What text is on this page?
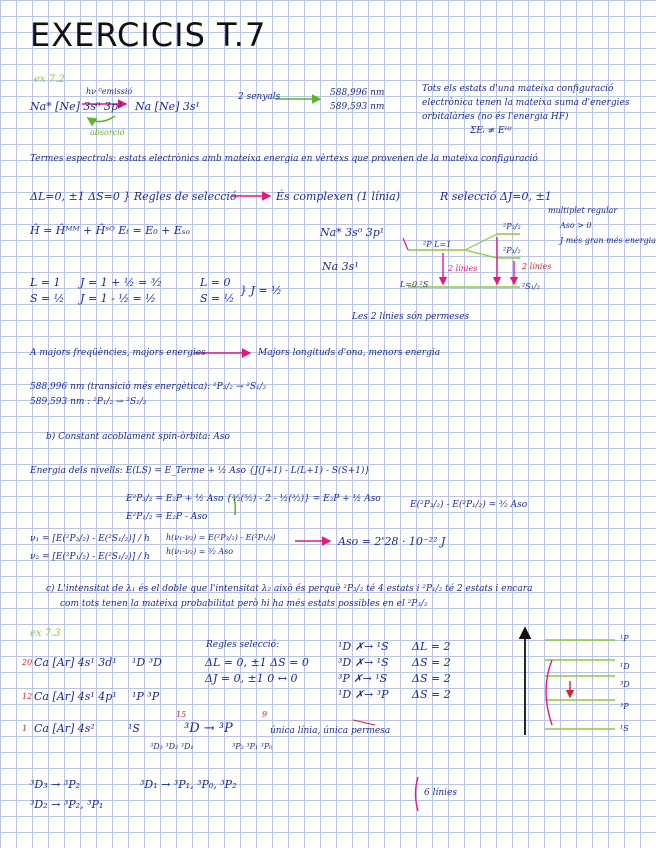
EXERCICIS T.7
ex 7.2
Na* [Ne] 3s⁰ 3p¹
hν ⁰emissió
absorció
Na [Ne] 3s¹
2 senyals	588,996 nm
589,593 nm
Tots els estats d'una mateixa configuració
electrònica tenen la mateixa suma d'energies
orbitalàries (no és l'energia HF)
ΣEᵢ ≠ Eᴴᶠ
Termes espectrals: estats electrònics amb mateixa energia en vèrtexs que provenen de la mateixa configuració
ΔL=0, ±1 ΔS=0 } Regles de selecció	És complexen (1 línia)	R selecció ΔJ=0, ±1
multiplet regular
Aso > 0
J més gran més energia
Ĥ = Ĥᴹᴹ + Ĥˢᴼ Eₜ = E₀ + Eₛₒ	Na* 3s⁰ 3p¹	²P₃/₂
²P₁/₂
²P L=1
Na 3s¹	2 línies	2 línies
L=0 ²S	²S₁/₂
L = 1
S = ½
J = 1 + ½ = ³⁄₂
J = 1 - ½ = ½
L = 0
S = ½
} J = ½
Les 2 línies són permeses
A majors freqüències, majors energies	Majors longituds d'ona, menors energia
588,996 nm (transició més energètica): ²P₃/₂ → ²S₁/₂
589,593 nm : ²P₁/₂ → ²S₁/₂
b) Constant acoblament spin-òrbita: Aso
Energia dels nivells: E(LS) = E_Terme + ½ Aso {J(J+1) - L(L+1) - S(S+1)}
E²P₃/₂ = E₂P + ½ Aso {³⁄₂(⁵⁄₂) - 2 - ½(³⁄₂)} = E₂P + ½ Aso
E²P₁/₂ = E₂P - Aso
E(²P₃/₂) - E(²P₁/₂) = ³⁄₂ Aso
ν₁ = [E(²P₃/₂) - E(²S₁/₂)] / h
ν₂ = [E(²P₁/₂) - E(²S₁/₂)] / h
h(ν₁-ν₂) = E(²P₃/₂) - E(²P₁/₂)
h(ν₁-ν₂) = ³⁄₂ Aso
Aso = 2'28 · 10⁻²² J
c) L'intensitat de λ₁ és el doble que l'intensitat λ₂ això és perquè ²P₃/₂ té 4 estats i ²P₁/₂ té 2 estats i encara
com tots tenen la mateixa probabilitat però hi ha més estats possibles en el ²P₃/₂
ex 7.3
Regles selecció:
ΔL = 0, ±1 ΔS = 0
ΔJ = 0, ±1 0 ↔ 0
20 Ca [Ar] 4s¹ 3d¹ ¹D ³D
12 Ca [Ar] 4s¹ 4p¹ ¹P ³P
1 Ca [Ar] 4s²	¹S
¹D ✗→ ¹S ΔL = 2
³D ✗→ ¹S ΔS = 2
³P ✗→ ¹S ΔS = 2
¹D ✗→ ³P ΔS = 2
15	9
³D → ³P	única línia, única permesa
³D₃ ³D₂ ³D₁	³P₂ ³P₁ ³P₀
¹P
¹D
³D
³P
¹S
³D₃ → ³P₂	³D₁ → ³P₁, ³P₀, ³P₂
³D₂ → ³P₂, ³P₁
6 línies
